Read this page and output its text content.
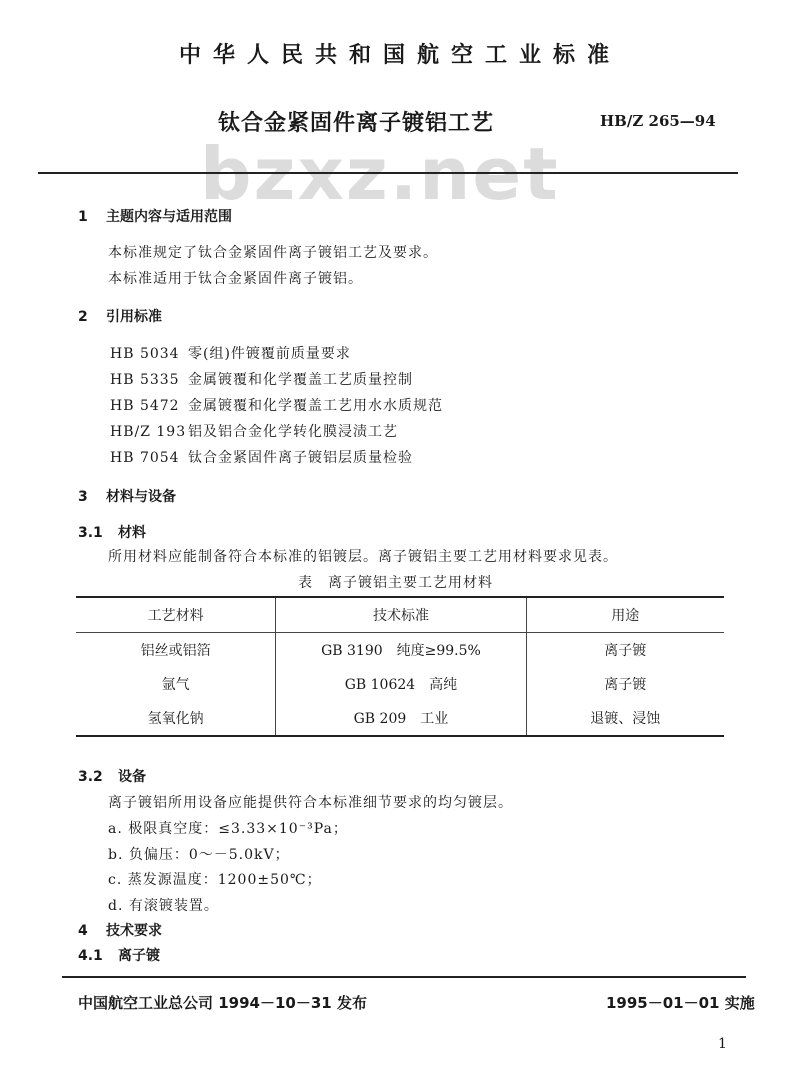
中华人民共和国航空工业标准
bzxz.net
钛合金紧固件离子镀铝工艺	HB/Z 265—94
1 主题内容与适用范围
本标准规定了钛合金紧固件离子镀铝工艺及要求。
本标准适用于钛合金紧固件离子镀铝。
2 引用标准
HB 5034 零(组)件镀覆前质量要求
HB 5335 金属镀覆和化学覆盖工艺质量控制
HB 5472 金属镀覆和化学覆盖工艺用水水质规范
HB/Z 193 铝及铝合金化学转化膜浸渍工艺
HB 7054 钛合金紧固件离子镀铝层质量检验
3 材料与设备
3.1 材料
所用材料应能制备符合本标准的铝镀层。离子镀铝主要工艺用材料要求见表。
表　离子镀铝主要工艺用材料
工艺材料	技术标准	用途
铝丝或铝箔	GB 3190　纯度≥99.5%	离子镀
氩气	GB 10624　高纯	离子镀
氢氧化钠	GB 209　工业	退镀、浸蚀
3.2 设备
离子镀铝所用设备应能提供符合本标准细节要求的均匀镀层。
a. 极限真空度：≤3.33×10⁻³Pa；
b. 负偏压：0～－5.0kV；
c. 蒸发源温度：1200±50℃；
d. 有滚镀装置。
4 技术要求
4.1 离子镀
中国航空工业总公司 1994－10－31 发布	1995－01－01 实施
1
